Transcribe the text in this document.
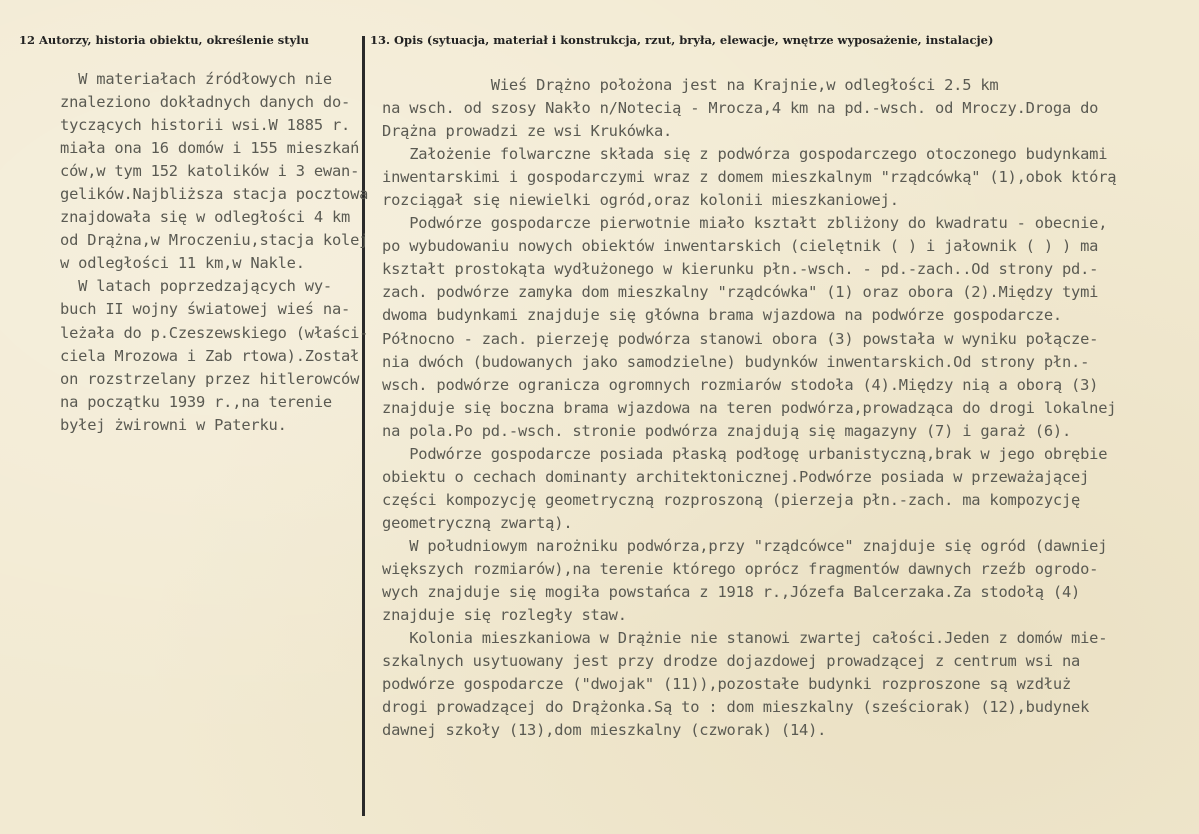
12 Autorzy, historia obiektu, określenie stylu	13. Opis (sytuacja, materiał i konstrukcja, rzut, bryła, elewacje, wnętrze wyposażenie, instalacje)
W materiałach źródłowych nie
znaleziono dokładnych danych do-
tyczących historii wsi.W 1885 r.
miała ona 16 domów i 155 mieszkań
ców,w tym 152 katolików i 3 ewan-
gelików.Najbliższa stacja pocztowa
znajdowała się w odległości 4 km
od Drążna,w Mroczeniu,stacja kolej
w odległości 11 km,w Nakle.
W latach poprzedzających wy-
buch II wojny światowej wieś na-
leżała do p.Czeszewskiego (właści-
ciela Mrozowa i Zab rtowa).Został
on rozstrzelany przez hitlerowców
na początku 1939 r.,na terenie
byłej żwirowni w Paterku.
Wieś Drążno położona jest na Krajnie,w odległości 2.5 km
na wsch. od szosy Nakło n/Notecią - Mrocza,4 km na pd.-wsch. od Mroczy.Droga do
Drążna prowadzi ze wsi Krukówka.
Założenie folwarczne składa się z podwórza gospodarczego otoczonego budynkami
inwentarskimi i gospodarczymi wraz z domem mieszkalnym "rządcówką" (1),obok którą
rozciągał się niewielki ogród,oraz kolonii mieszkaniowej.
Podwórze gospodarcze pierwotnie miało kształt zbliżony do kwadratu - obecnie,
po wybudowaniu nowych obiektów inwentarskich (cielętnik ( ) i jałownik ( ) ) ma
kształt prostokąta wydłużonego w kierunku płn.-wsch. - pd.-zach..Od strony pd.-
zach. podwórze zamyka dom mieszkalny "rządcówka" (1) oraz obora (2).Między tymi
dwoma budynkami znajduje się główna brama wjazdowa na podwórze gospodarcze.
Północno - zach. pierzeję podwórza stanowi obora (3) powstała w wyniku połącze-
nia dwóch (budowanych jako samodzielne) budynków inwentarskich.Od strony płn.-
wsch. podwórze ogranicza ogromnych rozmiarów stodoła (4).Między nią a oborą (3)
znajduje się boczna brama wjazdowa na teren podwórza,prowadząca do drogi lokalnej
na pola.Po pd.-wsch. stronie podwórza znajdują się magazyny (7) i garaż (6).
Podwórze gospodarcze posiada płaską podłogę urbanistyczną,brak w jego obrębie
obiektu o cechach dominanty architektonicznej.Podwórze posiada w przeważającej
części kompozycję geometryczną rozproszoną (pierzeja płn.-zach. ma kompozycję
geometryczną zwartą).
W południowym narożniku podwórza,przy "rządcówce" znajduje się ogród (dawniej
większych rozmiarów),na terenie którego oprócz fragmentów dawnych rzeźb ogrodo-
wych znajduje się mogiła powstańca z 1918 r.,Józefa Balcerzaka.Za stodołą (4)
znajduje się rozległy staw.
Kolonia mieszkaniowa w Drążnie nie stanowi zwartej całości.Jeden z domów mie-
szkalnych usytuowany jest przy drodze dojazdowej prowadzącej z centrum wsi na
podwórze gospodarcze ("dwojak" (11)),pozostałe budynki rozproszone są wzdłuż
drogi prowadzącej do Drążonka.Są to : dom mieszkalny (sześciorak) (12),budynek
dawnej szkoły (13),dom mieszkalny (czworak) (14).
